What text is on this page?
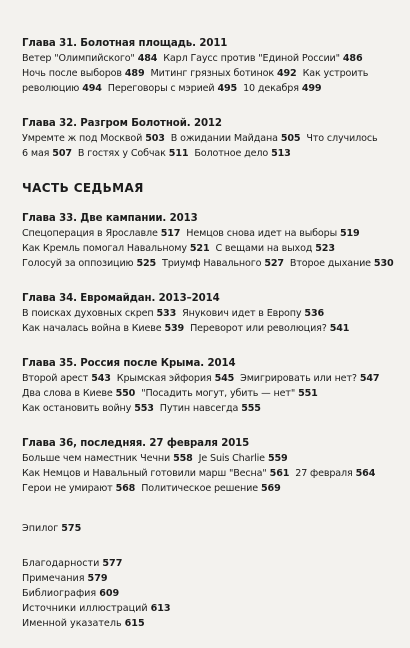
Глава 31. Болотная площадь. 2011
Ветер "Олимпийского" 484 Карл Гаусс против "Единой России" 486
Ночь после выборов 489 Митинг грязных ботинок 492 Как устроить
революцию 494 Переговоры с мэрией 495 10 декабря 499
Глава 32. Разгром Болотной. 2012
Умремте ж под Москвой 503 В ожидании Майдана 505 Что случилось
6 мая 507 В гостях у Собчак 511 Болотное дело 513
ЧАСТЬ СЕДЬМАЯ
Глава 33. Две кампании. 2013
Спецоперация в Ярославле 517 Немцов снова идет на выборы 519
Как Кремль помогал Навальному 521 С вещами на выход 523
Голосуй за оппозицию 525 Триумф Навального 527 Второе дыхание 530
Глава 34. Евромайдан. 2013–2014
В поисках духовных скреп 533 Янукович идет в Европу 536
Как началась война в Киеве 539 Переворот или революция? 541
Глава 35. Россия после Крыма. 2014
Второй арест 543 Крымская эйфория 545 Эмигрировать или нет? 547
Два слова в Киеве 550 "Посадить могут, убить — нет" 551
Как остановить войну 553 Путин навсегда 555
Глава 36, последняя. 27 февраля 2015
Больше чем наместник Чечни 558 Je Suis Charlie 559
Как Немцов и Навальный готовили марш "Весна" 561 27 февраля 564
Герои не умирают 568 Политическое решение 569
Эпилог 575
Благодарности 577
Примечания 579
Библиография 609
Источники иллюстраций 613
Именной указатель 615
